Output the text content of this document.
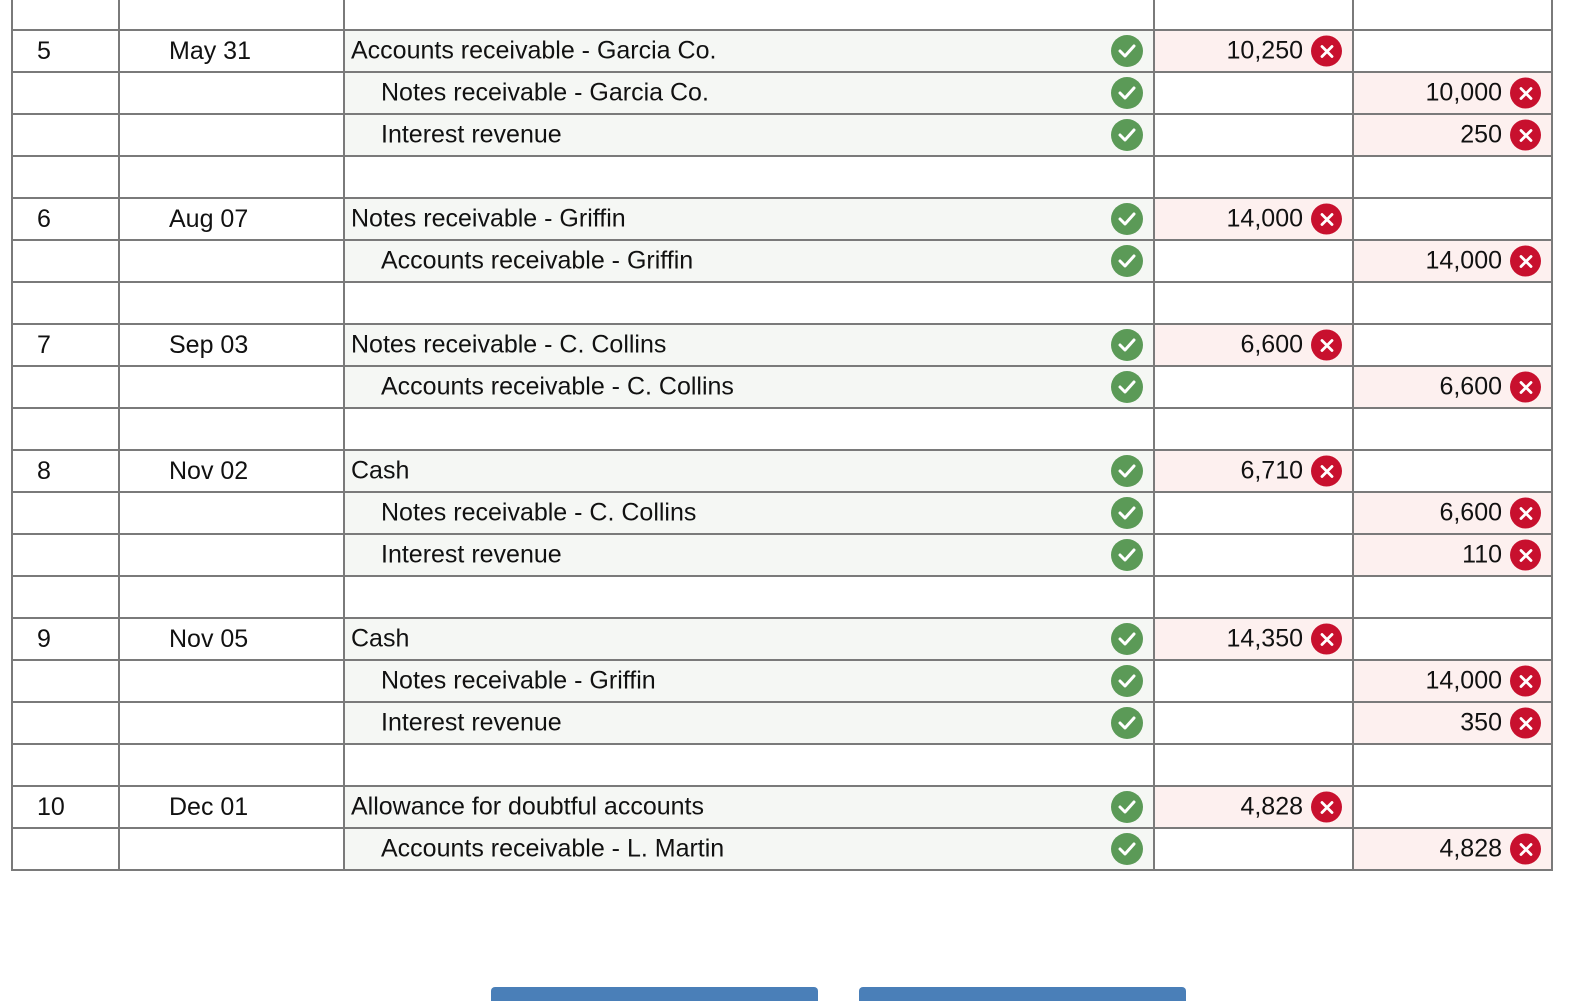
5	May 31	Accounts receivable - Garcia Co.	10,250	

		Notes receivable - Garcia Co.		10,000

		Interest revenue		250

6	Aug 07	Notes receivable - Griffin	14,000	

		Accounts receivable - Griffin		14,000

7	Sep 03	Notes receivable - C. Collins	6,600	

		Accounts receivable - C. Collins		6,600

8	Nov 02	Cash	6,710	

		Notes receivable - C. Collins		6,600

		Interest revenue		110

9	Nov 05	Cash	14,350	

		Notes receivable - Griffin		14,000

		Interest revenue		350

10	Dec 01	Allowance for doubtful accounts	4,828	

		Accounts receivable - L. Martin		4,828
